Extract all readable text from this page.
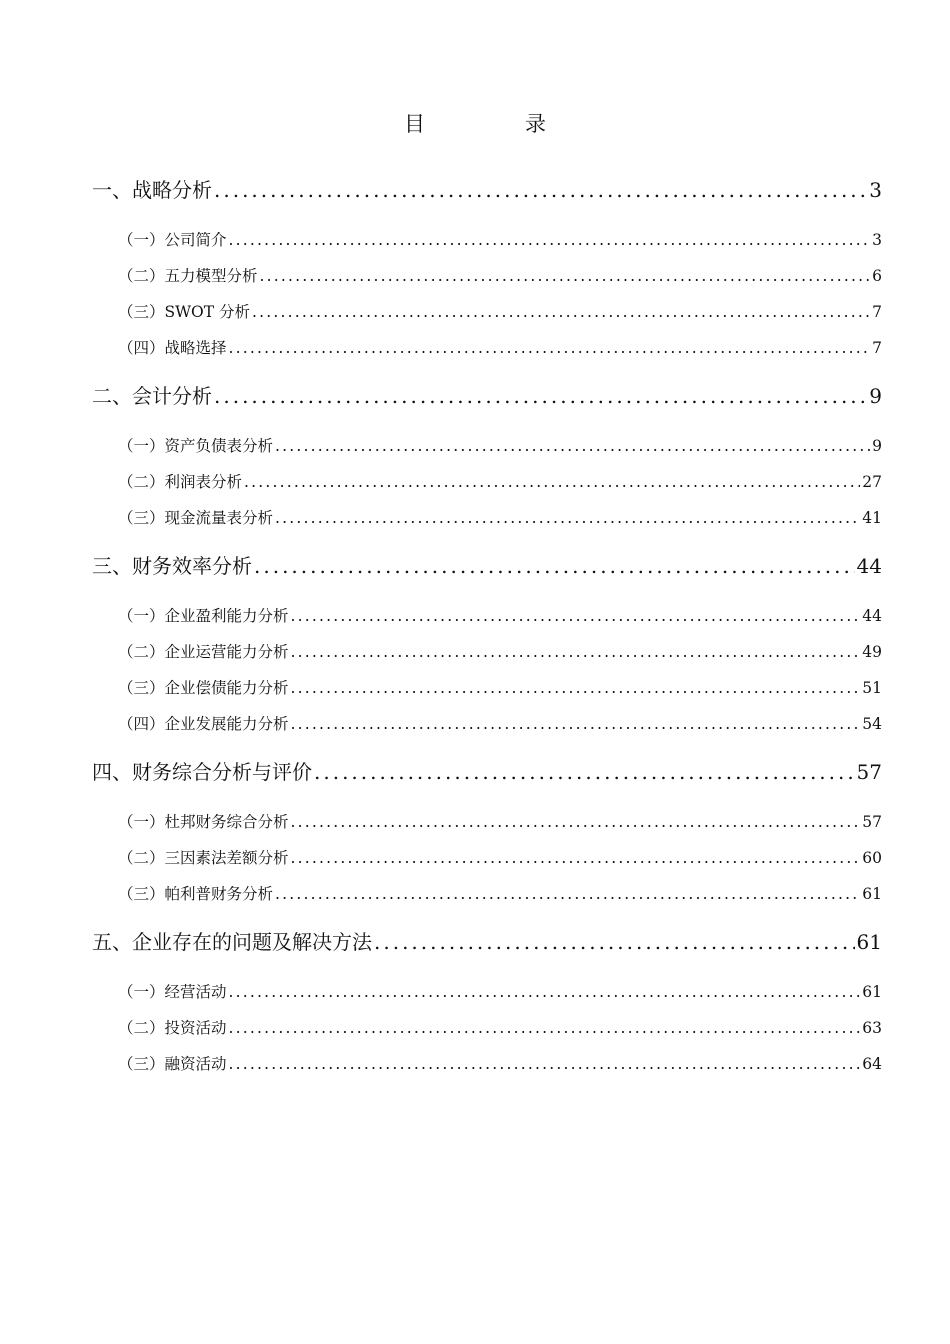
目	录
一、战略分析 .....	3
（一）公司简介 .....	3
（二）五力模型分析 .....	6
（三）SWOT 分析 .....	7
（四）战略选择 .....	7
二、会计分析 .....	9
（一）资产负债表分析 .....	9
（二）利润表分析 .....	27
（三）现金流量表分析 .....	41
三、财务效率分析 .....	44
（一）企业盈利能力分析 .....	44
（二）企业运营能力分析 .....	49
（三）企业偿债能力分析 .....	51
（四）企业发展能力分析 .....	54
四、财务综合分析与评价 .....	57
（一）杜邦财务综合分析 .....	57
（二）三因素法差额分析 .....	60
（三）帕利普财务分析 .....	61
五、企业存在的问题及解决方法 .....	61
（一）经营活动 .....	61
（二）投资活动 .....	63
（三）融资活动 .....	64
